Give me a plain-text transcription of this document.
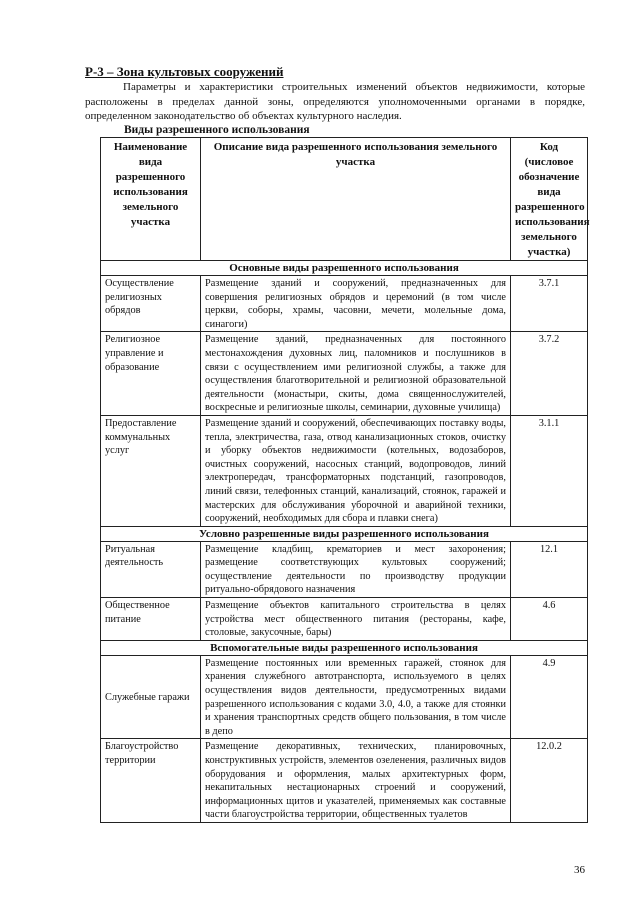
Р-3 – Зона культовых сооружений
Параметры и характеристики строительных изменений объектов недвижимости, которые расположены в пределах данной зоны, определяются уполномоченными органами в порядке, определенном законодательство об объектах культурного наследия.
Виды разрешенного использования
Наименование вида разрешенного использования земельного участка	Описание вида разрешенного использования земельного участка	Код (числовое обозначение вида разрешенного использования земельного участка)
Основные виды разрешенного использования		
Осуществление религиозных обрядов	Размещение зданий и сооружений, предназначенных для совершения религиозных обрядов и церемоний (в том числе церкви, соборы, храмы, часовни, мечети, молельные дома, синагоги)	3.7.1
Религиозное управление и образование	Размещение зданий, предназначенных для постоянного местонахождения духовных лиц, паломников и послушников в связи с осуществлением ими религиозной службы, а также для осуществления благотворительной и религиозной образовательной деятельности (монастыри, скиты, дома священнослужителей, воскресные и религиозные школы, семинарии, духовные училища)	3.7.2
Предоставление коммунальных услуг	Размещение зданий и сооружений, обеспечивающих поставку воды, тепла, электричества, газа, отвод канализационных стоков, очистку и уборку объектов недвижимости (котельных, водозаборов, очистных сооружений, насосных станций, водопроводов, линий электропередач, трансформаторных подстанций, газопроводов, линий связи, телефонных станций, канализаций, стоянок, гаражей и мастерских для обслуживания уборочной и аварийной техники, сооружений, необходимых для сбора и плавки снега)	3.1.1
Условно разрешенные виды разрешенного использования		
Ритуальная деятельность	Размещение кладбищ, крематориев и мест захоронения; размещение соответствующих культовых сооружений; осуществление деятельности по производству продукции ритуально-обрядового назначения	12.1
Общественное питание	Размещение объектов капитального строительства в целях устройства мест общественного питания (рестораны, кафе, столовые, закусочные, бары)	4.6
Вспомогательные виды разрешенного использования		
Служебные гаражи	Размещение постоянных или временных гаражей, стоянок для хранения служебного автотранспорта, используемого в целях осуществления видов деятельности, предусмотренных видами разрешенного использования с кодами 3.0, 4.0, а также для стоянки и хранения транспортных средств общего пользования, в том числе в депо	4.9
Благоустройство территории	Размещение декоративных, технических, планировочных, конструктивных устройств, элементов озеленения, различных видов оборудования и оформления, малых архитектурных форм, некапитальных нестационарных строений и сооружений, информационных щитов и указателей, применяемых как составные части благоустройства территории, общественных туалетов	12.0.2
36
